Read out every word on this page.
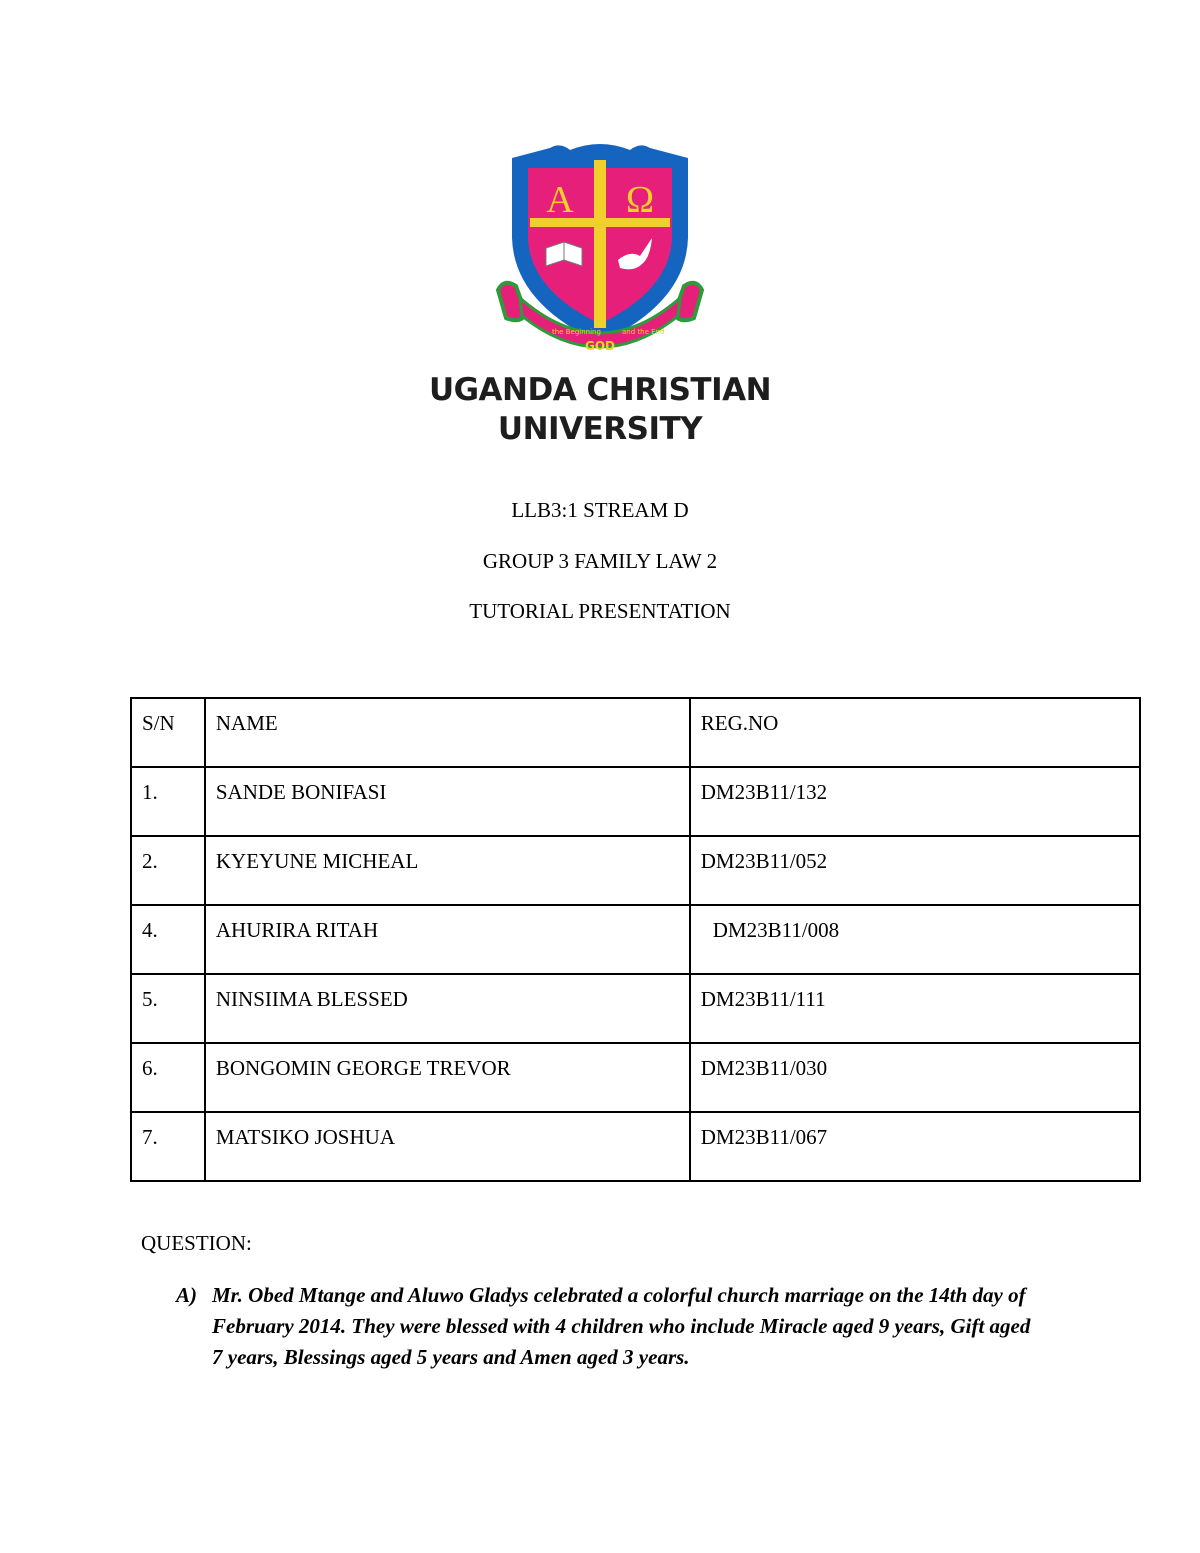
A Ω
the Beginning
GOD
and the End
UGANDA CHRISTIAN
UNIVERSITY
LLB3:1 STREAM D
GROUP 3 FAMILY LAW 2
TUTORIAL PRESENTATION
S/N	NAME	REG.NO
1.	SANDE BONIFASI	DM23B11/132
2.	KYEYUNE MICHEAL	DM23B11/052
4.	AHURIRA RITAH	DM23B11/008
5.	NINSIIMA BLESSED	DM23B11/111
6.	BONGOMIN GEORGE TREVOR	DM23B11/030
7.	MATSIKO JOSHUA	DM23B11/067
QUESTION:
A) Mr. Obed Mtange and Aluwo Gladys celebrated a colorful church marriage on the 14th day of February 2014. They were blessed with 4 children who include Miracle aged 9 years, Gift aged 7 years, Blessings aged 5 years and Amen aged 3 years.
